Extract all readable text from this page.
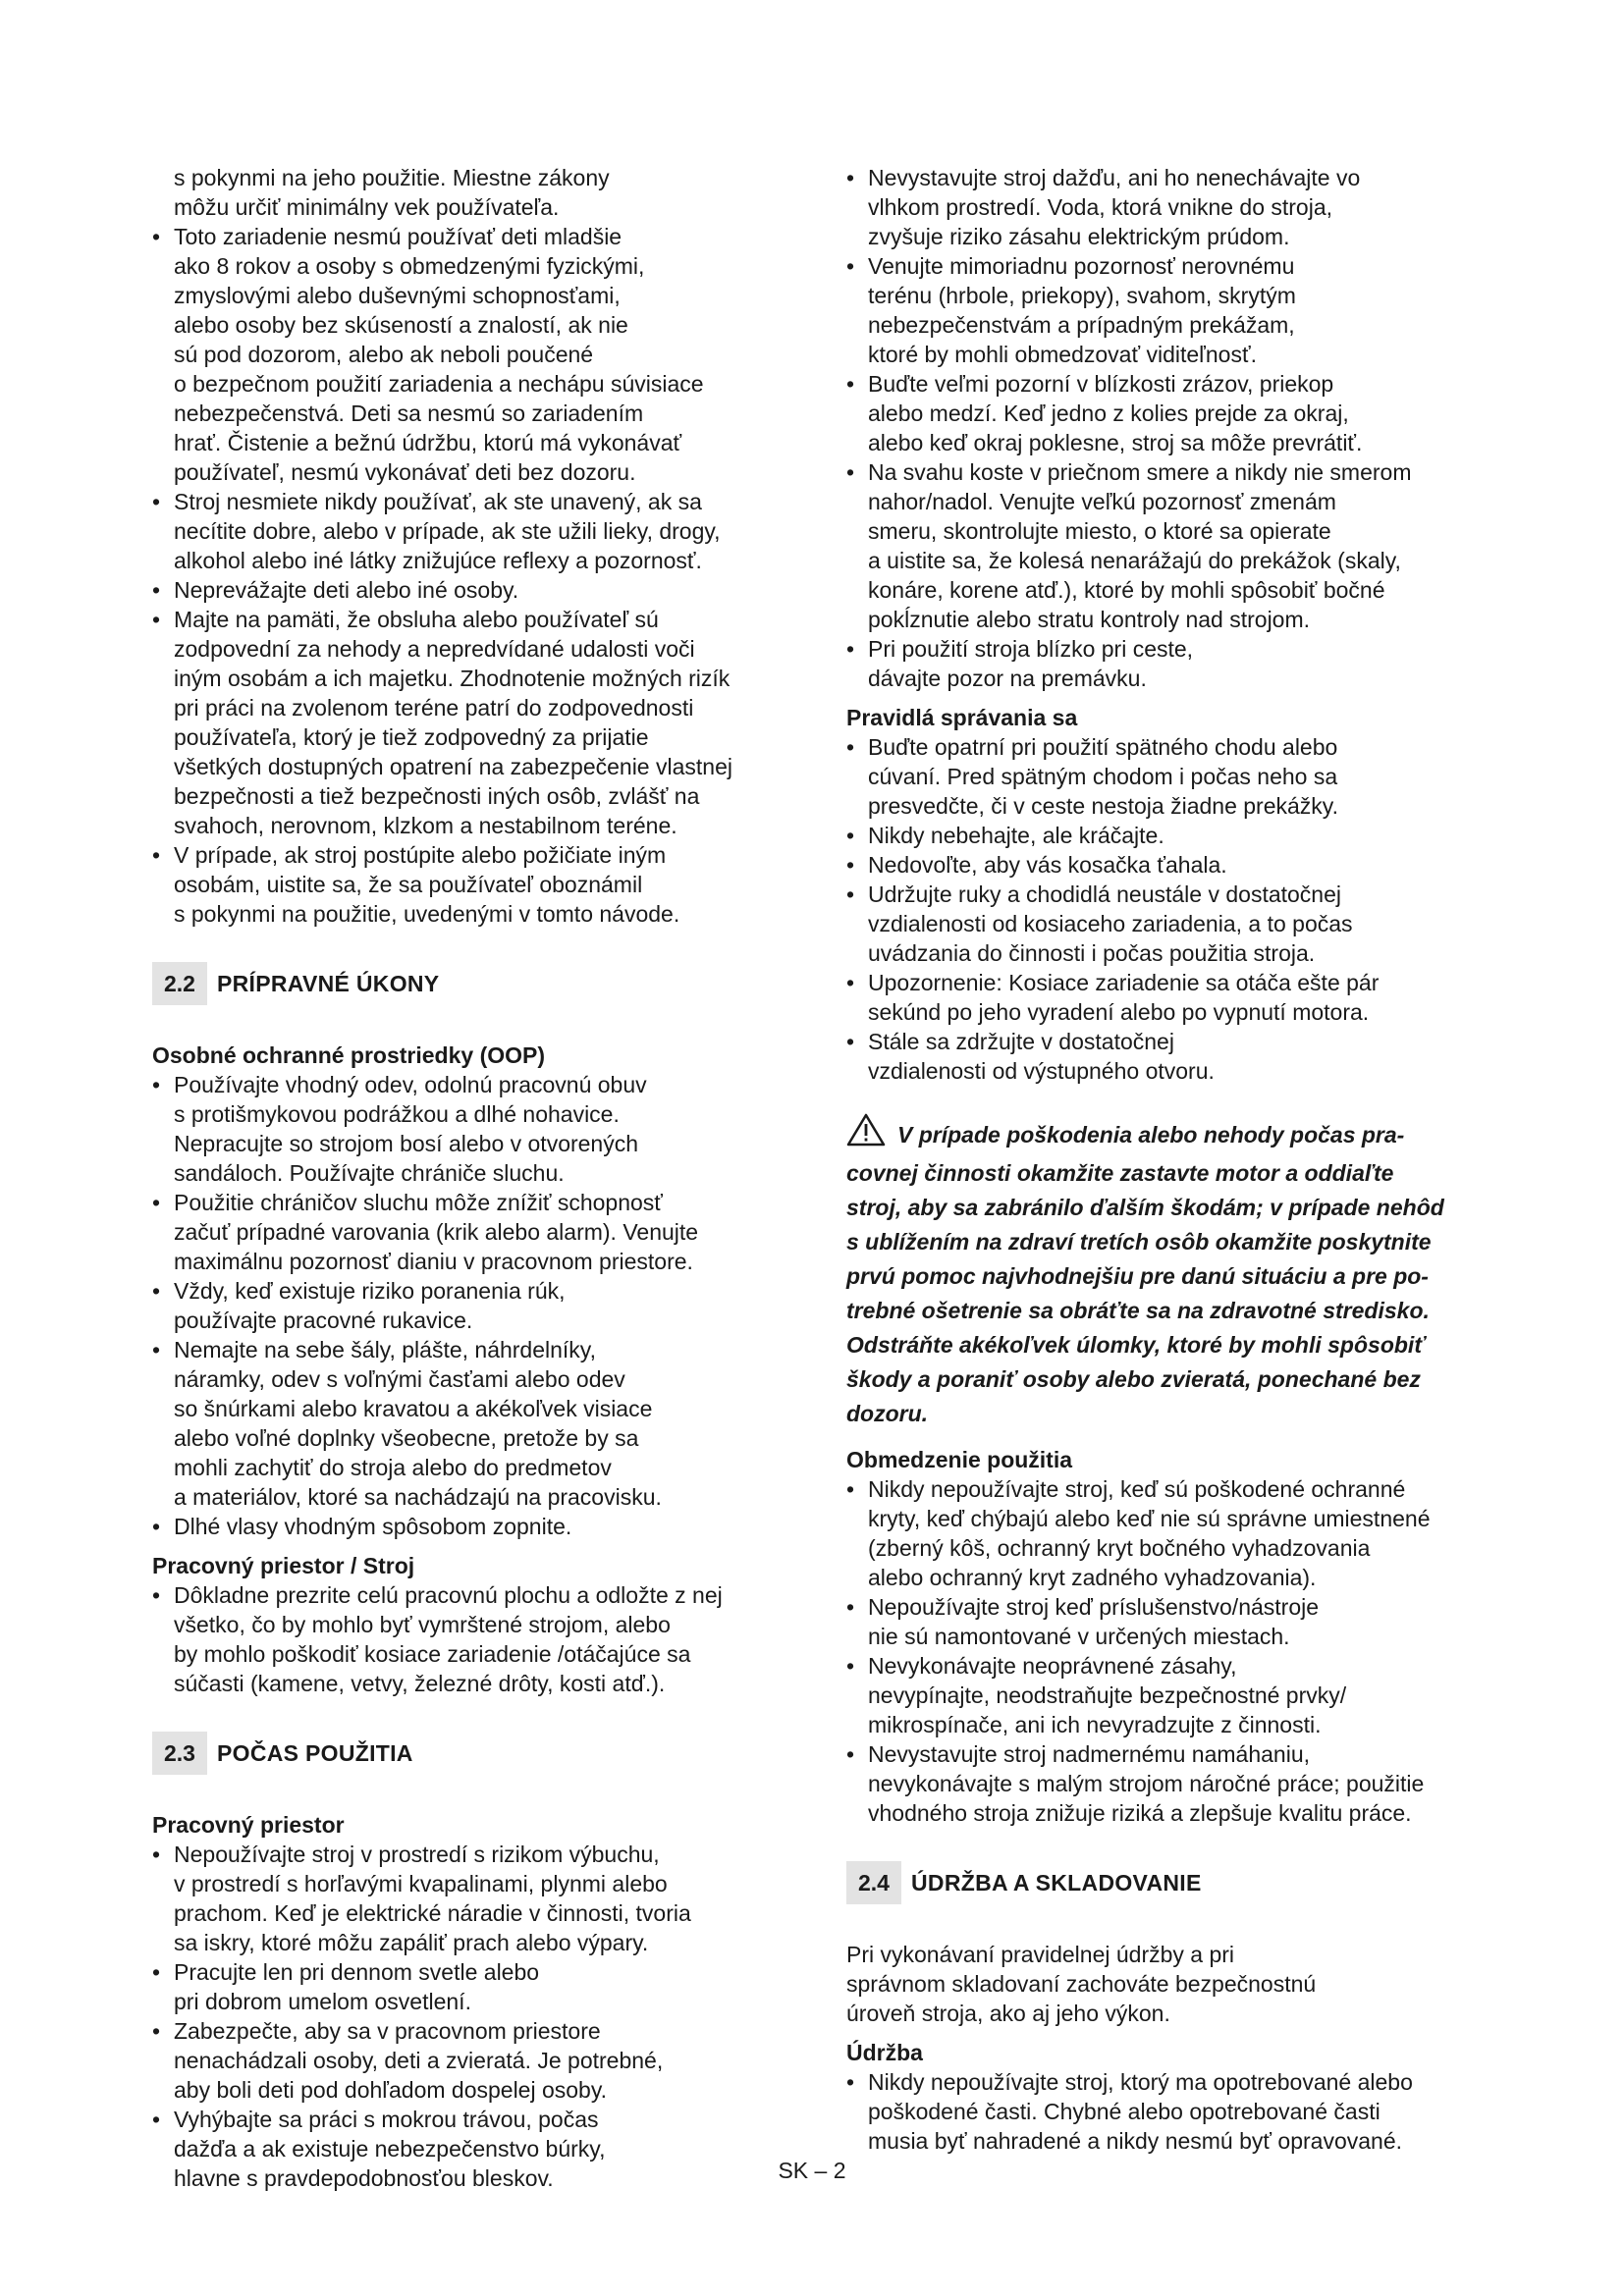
s pokynmi na jeho použitie. Miestne zákony
môžu určiť minimálny vek používateľa.
• Toto zariadenie nesmú používať deti mladšie
ako 8 rokov a osoby s obmedzenými fyzickými,
zmyslovými alebo duševnými schopnosťami,
alebo osoby bez skúseností a znalostí, ak nie
sú pod dozorom, alebo ak neboli poučené
o bezpečnom použití zariadenia a nechápu súvisiace
nebezpečenstvá. Deti sa nesmú so zariadením
hrať. Čistenie a bežnú údržbu, ktorú má vykonávať
používateľ, nesmú vykonávať deti bez dozoru.
• Stroj nesmiete nikdy používať, ak ste unavený, ak sa
necítite dobre, alebo v prípade, ak ste užili lieky, drogy,
alkohol alebo iné látky znižujúce reflexy a pozornosť.
• Neprevážajte deti alebo iné osoby.
• Majte na pamäti, že obsluha alebo používateľ sú
zodpovední za nehody a nepredvídané udalosti voči
iným osobám a ich majetku. Zhodnotenie možných rizík
pri práci na zvolenom teréne patrí do zodpovednosti
používateľa, ktorý je tiež zodpovedný za prijatie
všetkých dostupných opatrení na zabezpečenie vlastnej
bezpečnosti a tiež bezpečnosti iných osôb, zvlášť na
svahoch, nerovnom, klzkom a nestabilnom teréne.
• V prípade, ak stroj postúpite alebo požičiate iným
osobám, uistite sa, že sa používateľ oboznámil
s pokynmi na použitie, uvedenými v tomto návode.
2.2 PRÍPRAVNÉ ÚKONY
Osobné ochranné prostriedky (OOP)
• Používajte vhodný odev, odolnú pracovnú obuv
s protišmykovou podrážkou a dlhé nohavice.
Nepracujte so strojom bosí alebo v otvorených
sandáloch. Používajte chrániče sluchu.
• Použitie chráničov sluchu môže znížiť schopnosť
začuť prípadné varovania (krik alebo alarm). Venujte
maximálnu pozornosť dianiu v pracovnom priestore.
• Vždy, keď existuje riziko poranenia rúk,
používajte pracovné rukavice.
• Nemajte na sebe šály, plášte, náhrdelníky,
náramky, odev s voľnými časťami alebo odev
so šnúrkami alebo kravatou a akékoľvek visiace
alebo voľné doplnky všeobecne, pretože by sa
mohli zachytiť do stroja alebo do predmetov
a materiálov, ktoré sa nachádzajú na pracovisku.
• Dlhé vlasy vhodným spôsobom zopnite.
Pracovný priestor / Stroj
• Dôkladne prezrite celú pracovnú plochu a odložte z nej
všetko, čo by mohlo byť vymrštené strojom, alebo
by mohlo poškodiť kosiace zariadenie /otáčajúce sa
súčasti (kamene, vetvy, železné drôty, kosti atď.).
2.3 POČAS POUŽITIA
Pracovný priestor
• Nepoužívajte stroj v prostredí s rizikom výbuchu,
v prostredí s horľavými kvapalinami, plynmi alebo
prachom. Keď je elektrické náradie v činnosti, tvoria
sa iskry, ktoré môžu zapáliť prach alebo výpary.
• Pracujte len pri dennom svetle alebo
pri dobrom umelom osvetlení.
• Zabezpečte, aby sa v pracovnom priestore
nenachádzali osoby, deti a zvieratá. Je potrebné,
aby boli deti pod dohľadom dospelej osoby.
• Vyhýbajte sa práci s mokrou trávou, počas
dažďa a ak existuje nebezpečenstvo búrky,
hlavne s pravdepodobnosťou bleskov.
• Nevystavujte stroj dažďu, ani ho nenechávajte vo
vlhkom prostredí. Voda, ktorá vnikne do stroja,
zvyšuje riziko zásahu elektrickým prúdom.
• Venujte mimoriadnu pozornosť nerovnému
terénu (hrbole, priekopy), svahom, skrytým
nebezpečenstvám a prípadným prekážam,
ktoré by mohli obmedzovať viditeľnosť.
• Buďte veľmi pozorní v blízkosti zrázov, priekop
alebo medzí. Keď jedno z kolies prejde za okraj,
alebo keď okraj poklesne, stroj sa môže prevrátiť.
• Na svahu koste v priečnom smere a nikdy nie smerom
nahor/nadol. Venujte veľkú pozornosť zmenám
smeru, skontrolujte miesto, o ktoré sa opierate
a uistite sa, že kolesá nenarážajú do prekážok (skaly,
konáre, korene atď.), ktoré by mohli spôsobiť bočné
pokĺznutie alebo stratu kontroly nad strojom.
• Pri použití stroja blízko pri ceste,
dávajte pozor na premávku.
Pravidlá správania sa
• Buďte opatrní pri použití spätného chodu alebo
cúvaní. Pred spätným chodom i počas neho sa
presvedčte, či v ceste nestoja žiadne prekážky.
• Nikdy nebehajte, ale kráčajte.
• Nedovoľte, aby vás kosačka ťahala.
• Udržujte ruky a chodidlá neustále v dostatočnej
vzdialenosti od kosiaceho zariadenia, a to počas
uvádzania do činnosti i počas použitia stroja.
• Upozornenie: Kosiace zariadenie sa otáča ešte pár
sekúnd po jeho vyradení alebo po vypnutí motora.
• Stále sa zdržujte v dostatočnej
vzdialenosti od výstupného otvoru.
V prípade poškodenia alebo nehody počas pra-
covnej činnosti okamžite zastavte motor a oddiaľte
stroj, aby sa zabránilo ďalším škodám; v prípade nehôd
s ublížením na zdraví tretích osôb okamžite poskytnite
prvú pomoc najvhodnejšiu pre danú situáciu a pre po-
trebné ošetrenie sa obráťte sa na zdravotné stredisko.
Odstráňte akékoľvek úlomky, ktoré by mohli spôsobiť
škody a poraniť osoby alebo zvieratá, ponechané bez
dozoru.
Obmedzenie použitia
• Nikdy nepoužívajte stroj, keď sú poškodené ochranné
kryty, keď chýbajú alebo keď nie sú správne umiestnené
(zberný kôš, ochranný kryt bočného vyhadzovania
alebo ochranný kryt zadného vyhadzovania).
• Nepoužívajte stroj keď príslušenstvo/nástroje
nie sú namontované v určených miestach.
• Nevykonávajte neoprávnené zásahy,
nevypínajte, neodstraňujte bezpečnostné prvky/
mikrospínače, ani ich nevyradzujte z činnosti.
• Nevystavujte stroj nadmernému namáhaniu,
nevykonávajte s malým strojom náročné práce; použitie
vhodného stroja znižuje riziká a zlepšuje kvalitu práce.
2.4 ÚDRŽBA A SKLADOVANIE
Pri vykonávaní pravidelnej údržby a pri
správnom skladovaní zachováte bezpečnostnú
úroveň stroja, ako aj jeho výkon.
Údržba
• Nikdy nepoužívajte stroj, ktorý ma opotrebované alebo
poškodené časti. Chybné alebo opotrebované časti
musia byť nahradené a nikdy nesmú byť opravované.
SK – 2
